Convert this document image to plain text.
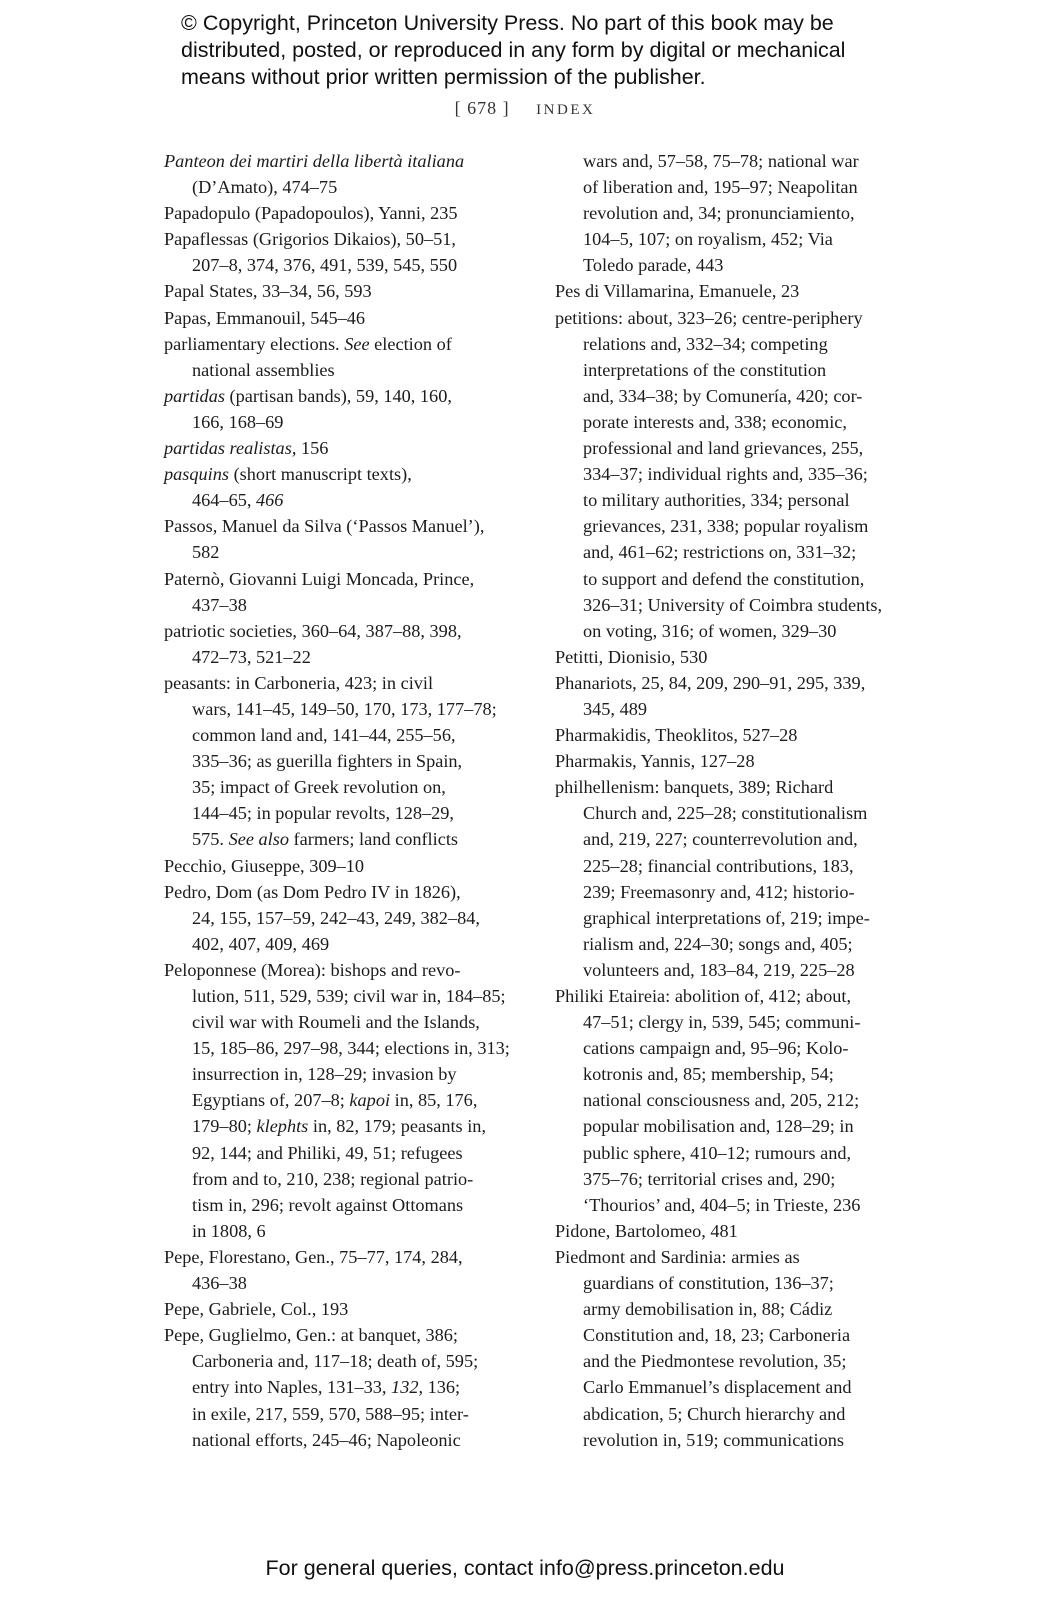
© Copyright, Princeton University Press. No part of this book may be
distributed, posted, or reproduced in any form by digital or mechanical
means without prior written permission of the publisher.
[ 678 ] INDEX
Panteon dei martiri della libertà italiana
(D’Amato), 474–75
Papadopulo (Papadopoulos), Yanni, 235
Papaflessas (Grigorios Dikaios), 50–51,
207–8, 374, 376, 491, 539, 545, 550
Papal States, 33–34, 56, 593
Papas, Emmanouil, 545–46
parliamentary elections. See election of
national assemblies
partidas (partisan bands), 59, 140, 160,
166, 168–69
partidas realistas, 156
pasquins (short manuscript texts),
464–65, 466
Passos, Manuel da Silva (‘Passos Manuel’),
582
Paternò, Giovanni Luigi Moncada, Prince,
437–38
patriotic societies, 360–64, 387–88, 398,
472–73, 521–22
peasants: in Carboneria, 423; in civil
wars, 141–45, 149–50, 170, 173, 177–78;
common land and, 141–44, 255–56,
335–36; as guerilla fighters in Spain,
35; impact of Greek revolution on,
144–45; in popular revolts, 128–29,
575. See also farmers; land conflicts
Pecchio, Giuseppe, 309–10
Pedro, Dom (as Dom Pedro IV in 1826),
24, 155, 157–59, 242–43, 249, 382–84,
402, 407, 409, 469
Peloponnese (Morea): bishops and revo-
lution, 511, 529, 539; civil war in, 184–85;
civil war with Roumeli and the Islands,
15, 185–86, 297–98, 344; elections in, 313;
insurrection in, 128–29; invasion by
Egyptians of, 207–8; kapoi in, 85, 176,
179–80; klephts in, 82, 179; peasants in,
92, 144; and Philiki, 49, 51; refugees
from and to, 210, 238; regional patrio-
tism in, 296; revolt against Ottomans
in 1808, 6
Pepe, Florestano, Gen., 75–77, 174, 284,
436–38
Pepe, Gabriele, Col., 193
Pepe, Guglielmo, Gen.: at banquet, 386;
Carboneria and, 117–18; death of, 595;
entry into Naples, 131–33, 132, 136;
in exile, 217, 559, 570, 588–95; inter-
national efforts, 245–46; Napoleonic
wars and, 57–58, 75–78; national war
of liberation and, 195–97; Neapolitan
revolution and, 34; pronunciamiento,
104–5, 107; on royalism, 452; Via
Toledo parade, 443
Pes di Villamarina, Emanuele, 23
petitions: about, 323–26; centre-periphery
relations and, 332–34; competing
interpretations of the constitution
and, 334–38; by Comunería, 420; cor-
porate interests and, 338; economic,
professional and land grievances, 255,
334–37; individual rights and, 335–36;
to military authorities, 334; personal
grievances, 231, 338; popular royalism
and, 461–62; restrictions on, 331–32;
to support and defend the constitution,
326–31; University of Coimbra students,
on voting, 316; of women, 329–30
Petitti, Dionisio, 530
Phanariots, 25, 84, 209, 290–91, 295, 339,
345, 489
Pharmakidis, Theoklitos, 527–28
Pharmakis, Yannis, 127–28
philhellenism: banquets, 389; Richard
Church and, 225–28; constitutionalism
and, 219, 227; counterrevolution and,
225–28; financial contributions, 183,
239; Freemasonry and, 412; historio-
graphical interpretations of, 219; impe-
rialism and, 224–30; songs and, 405;
volunteers and, 183–84, 219, 225–28
Philiki Etaireia: abolition of, 412; about,
47–51; clergy in, 539, 545; communi-
cations campaign and, 95–96; Kolo-
kotronis and, 85; membership, 54;
national consciousness and, 205, 212;
popular mobilisation and, 128–29; in
public sphere, 410–12; rumours and,
375–76; territorial crises and, 290;
‘Thourios’ and, 404–5; in Trieste, 236
Pidone, Bartolomeo, 481
Piedmont and Sardinia: armies as
guardians of constitution, 136–37;
army demobilisation in, 88; Cádiz
Constitution and, 18, 23; Carboneria
and the Piedmontese revolution, 35;
Carlo Emmanuel’s displacement and
abdication, 5; Church hierarchy and
revolution in, 519; communications
For general queries, contact info@press.princeton.edu
